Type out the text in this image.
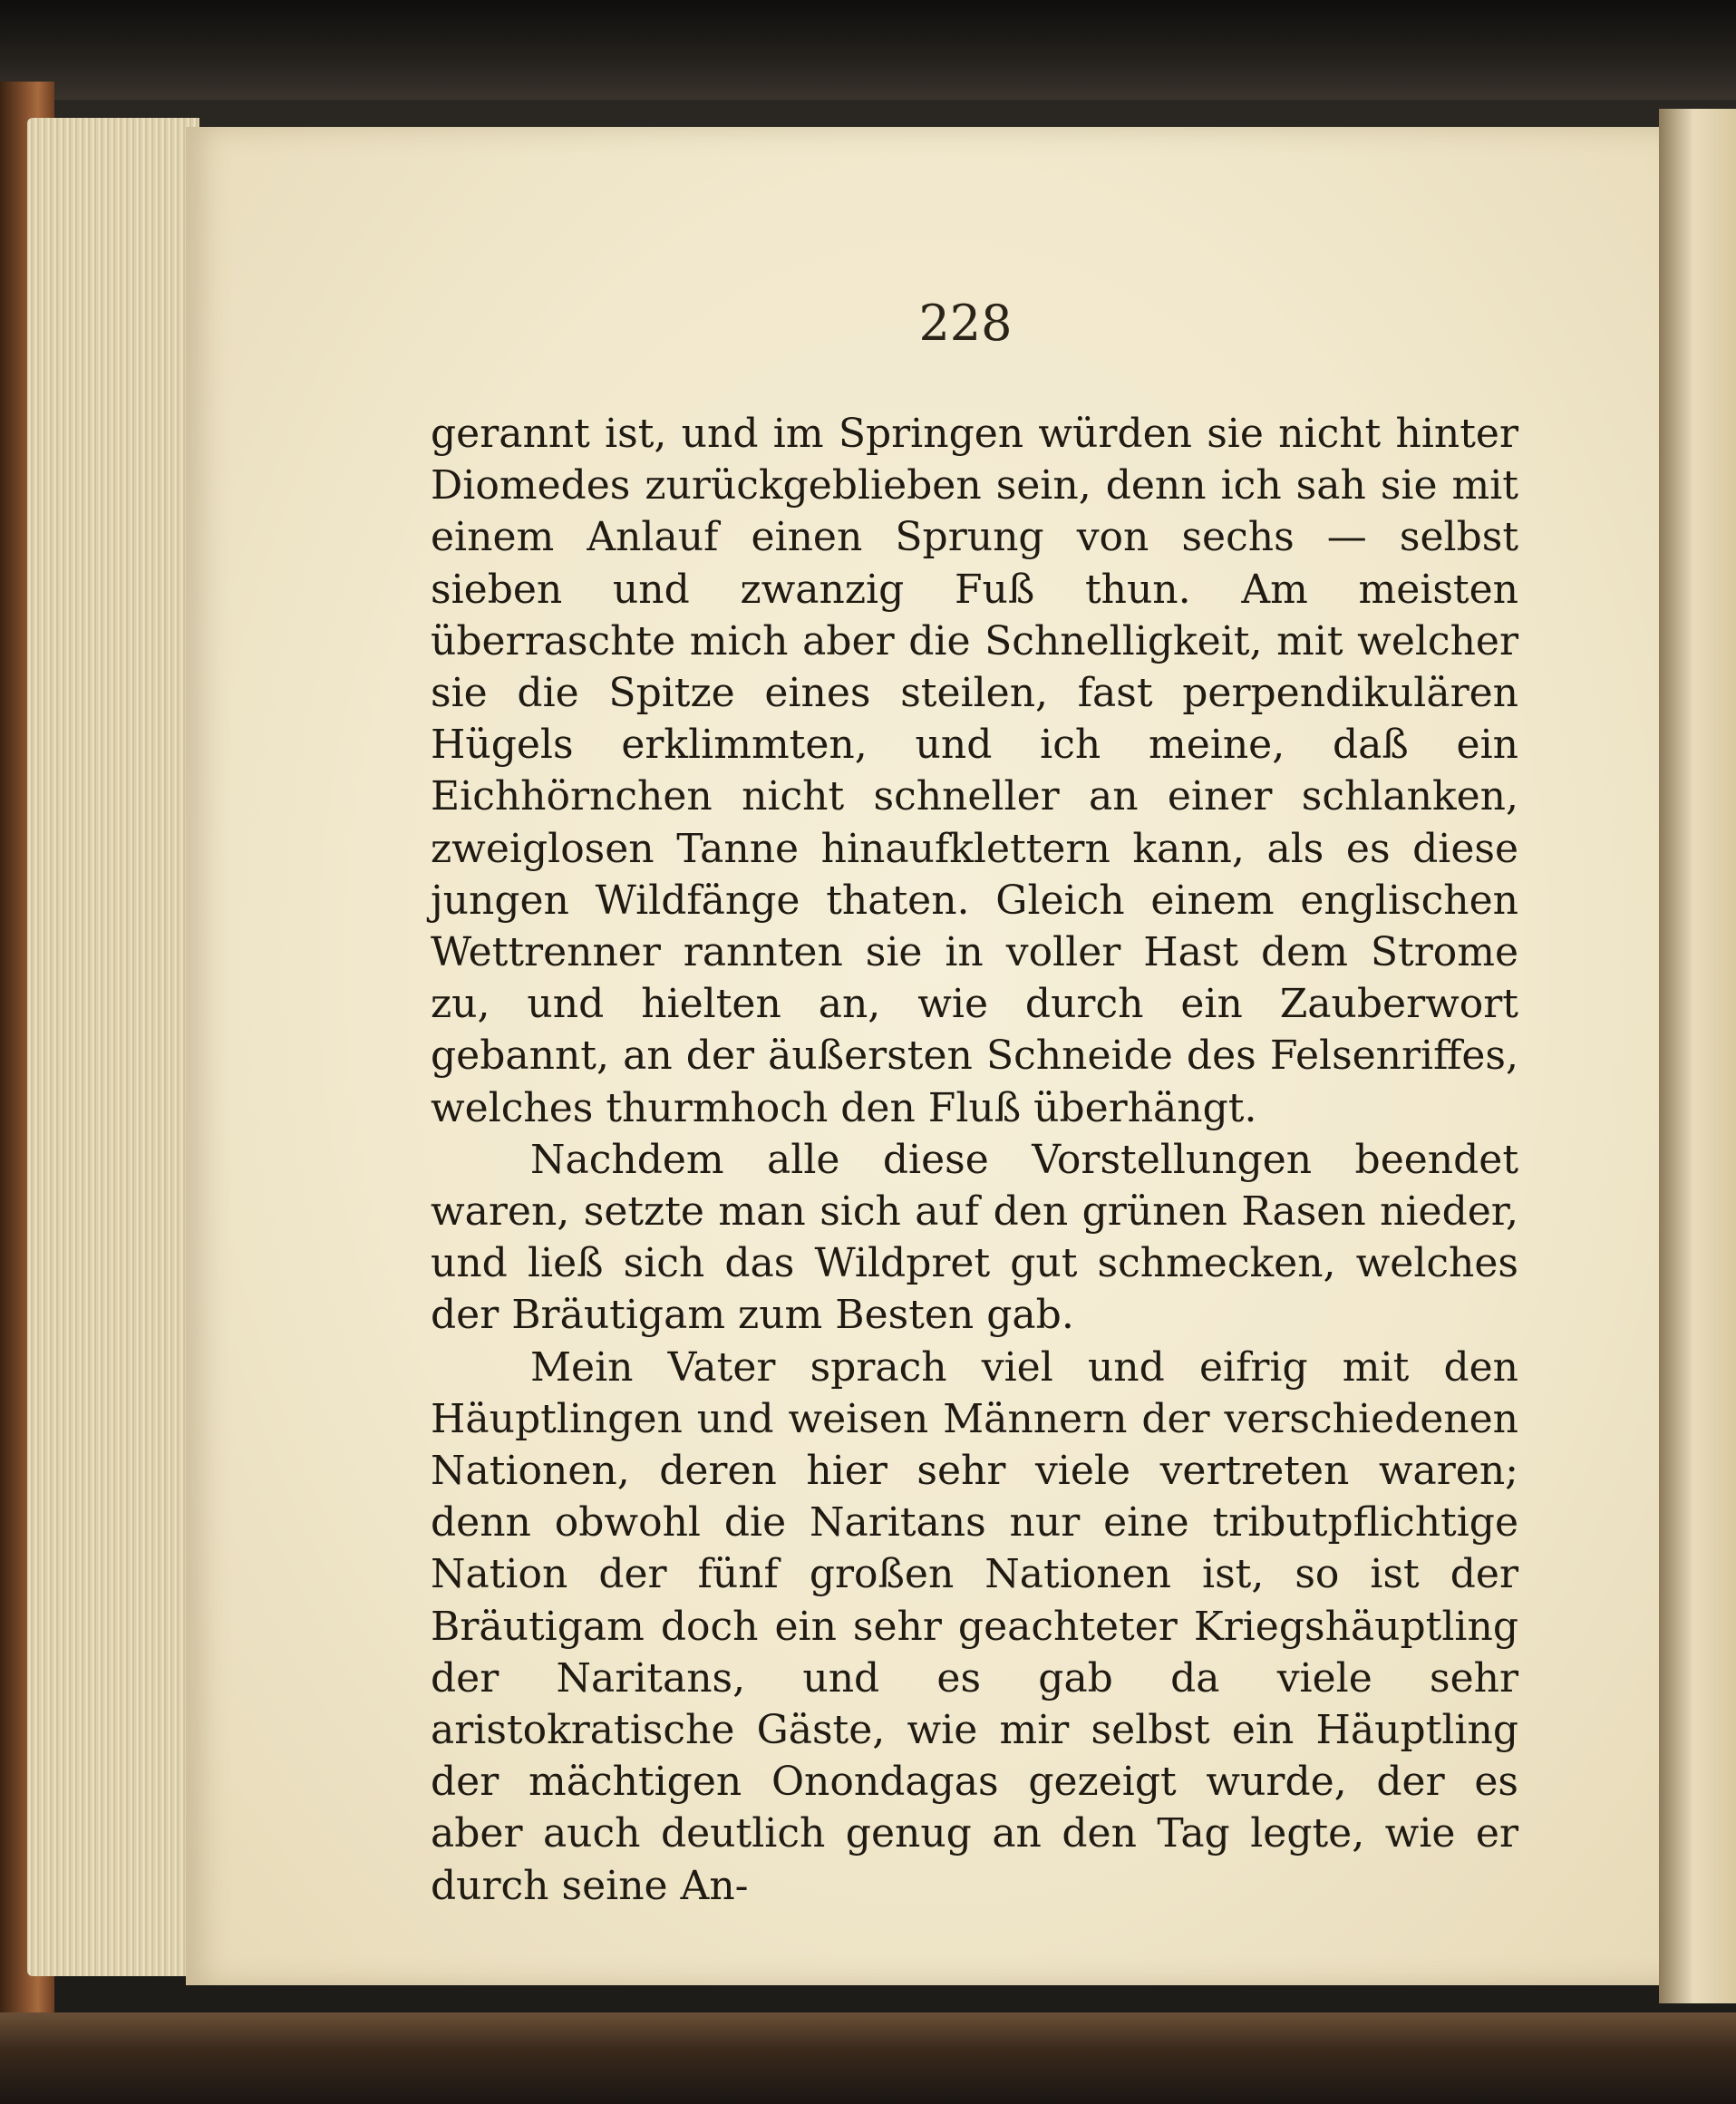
228

gerannt ist, und im Springen würden sie nicht hinter Diomedes zurückgeblieben sein, denn ich sah sie mit einem Anlauf einen Sprung von sechs — selbst sieben und zwanzig Fuß thun. Am meisten überraschte mich aber die Schnelligkeit, mit welcher sie die Spitze eines steilen, fast perpendikulären Hügels erklimmten, und ich meine, daß ein Eichhörnchen nicht schneller an einer schlanken, zweiglosen Tanne hinaufklettern kann, als es diese jungen Wildfänge thaten. Gleich einem englischen Wettrenner rannten sie in voller Hast dem Strome zu, und hielten an, wie durch ein Zauberwort gebannt, an der äußersten Schneide des Felsenriffes, welches thurmhoch den Fluß überhängt.

Nachdem alle diese Vorstellungen beendet waren, setzte man sich auf den grünen Rasen nieder, und ließ sich das Wildpret gut schmecken, welches der Bräutigam zum Besten gab.

Mein Vater sprach viel und eifrig mit den Häuptlingen und weisen Männern der verschiedenen Nationen, deren hier sehr viele vertreten waren; denn obwohl die Naritans nur eine tributpflichtige Nation der fünf großen Nationen ist, so ist der Bräutigam doch ein sehr geachteter Kriegshäuptling der Naritans, und es gab da viele sehr aristokratische Gäste, wie mir selbst ein Häuptling der mächtigen Onondagas gezeigt wurde, der es aber auch deutlich genug an den Tag legte, wie er durch seine An-
